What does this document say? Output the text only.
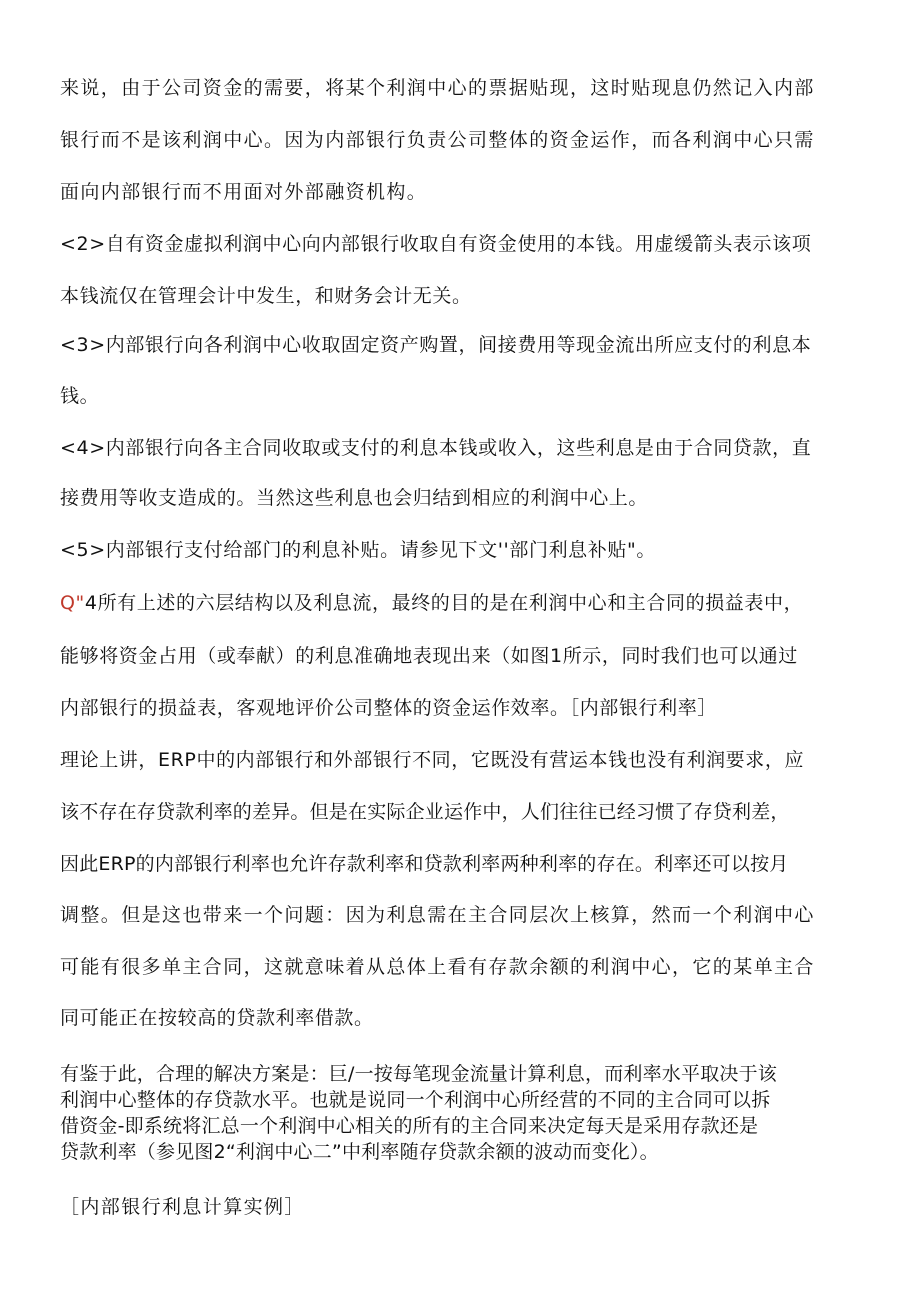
来说，由于公司资金的需要，将某个利润中心的票据贴现，这时贴现息仍然记入内部
银行而不是该利润中心。因为内部银行负责公司整体的资金运作，而各利润中心只需
面向内部银行而不用面对外部融资机构。
<2>自有资金虚拟利润中心向内部银行收取自有资金使用的本钱。用虚缓箭头表示该项
本钱流仅在管理会计中发生，和财务会计无关。
<3>内部银行向各利润中心收取固定资产购置，间接费用等现金流出所应支付的利息本
钱。
<4>内部银行向各主合同收取或支付的利息本钱或收入，这些利息是由于合同贷款，直
接费用等收支造成的。当然这些利息也会归结到相应的利润中心上。
<5>内部银行支付给部门的利息补贴。请参见下文''部门利息补贴"。
Q"4所有上述的六层结构以及利息流，最终的目的是在利润中心和主合同的损益表中，
能够将资金占用（或奉献）的利息准确地表现出来（如图1所示，同时我们也可以通过
内部银行的损益表，客观地评价公司整体的资金运作效率。［内部银行利率］
理论上讲，ERP中的内部银行和外部银行不同，它既没有营运本钱也没有利润要求，应
该不存在存贷款利率的差异。但是在实际企业运作中，人们往往已经习惯了存贷利差，
因此ERP的内部银行利率也允许存款利率和贷款利率两种利率的存在。利率还可以按月
调整。但是这也带来一个问题：因为利息需在主合同层次上核算，然而一个利润中心
可能有很多单主合同，这就意味着从总体上看有存款余额的利润中心，它的某单主合
同可能正在按较高的贷款利率借款。
有鉴于此，合理的解决方案是：巨/一按每笔现金流量计算利息，而利率水平取决于该
利润中心整体的存贷款水平。也就是说同一个利润中心所经营的不同的主合同可以拆
借资金-即系统将汇总一个利润中心相关的所有的主合同来决定每天是采用存款还是
贷款利率（参见图2“利润中心二”中利率随存贷款余额的波动而变化）。
［内部银行利息计算实例］
